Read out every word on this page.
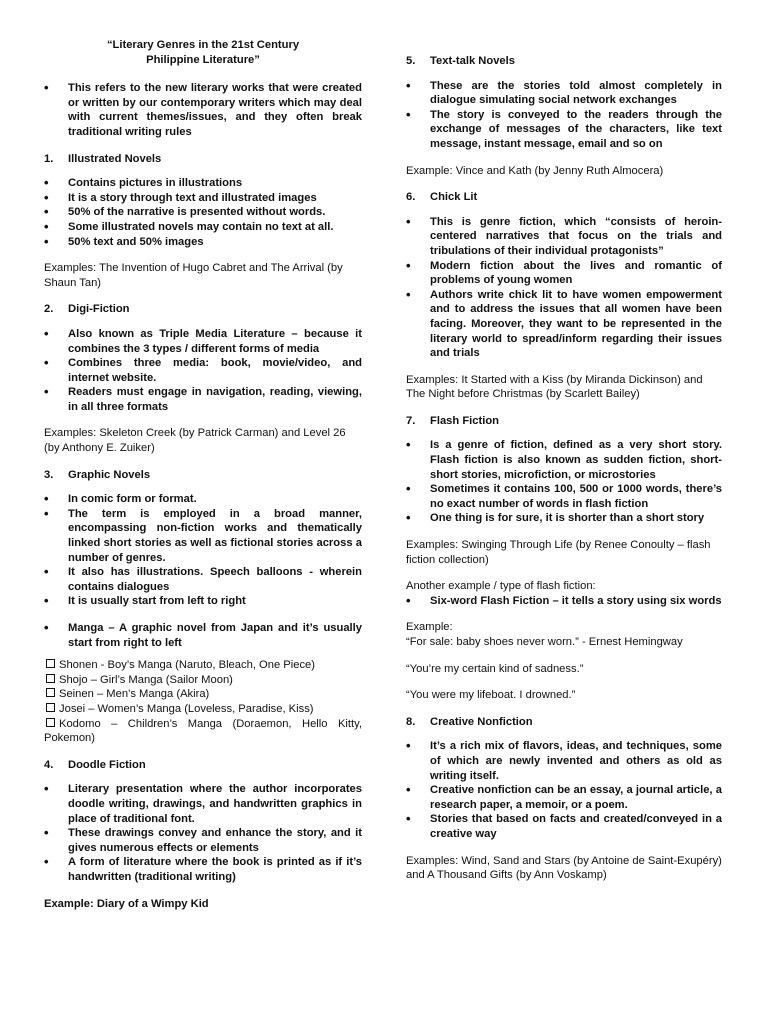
“Literary Genres in the 21st Century
Philippine Literature”
• This refers to the new literary works that were created or written by our contemporary writers which may deal with current themes/issues, and they often break traditional writing rules
1.	Illustrated Novels
• Contains pictures in illustrations
• It is a story through text and illustrated images
• 50% of the narrative is presented without words.
• Some illustrated novels may contain no text at all.
• 50% text and 50% images

Examples: The Invention of Hugo Cabret and The Arrival (by Shaun Tan)

2.	Digi-Fiction
• Also known as Triple Media Literature – because it combines the 3 types / different forms of media
• Combines three media: book, movie/video, and internet website.
• Readers must engage in navigation, reading, viewing, in all three formats

Examples: Skeleton Creek (by Patrick Carman) and Level 26 (by Anthony E. Zuiker)

3.	Graphic Novels
• In comic form or format.
• The term is employed in a broad manner, encompassing non-fiction works and thematically linked short stories as well as fictional stories across a number of genres.
• It also has illustrations. Speech balloons - wherein contains dialogues
• It is usually start from left to right
• Manga – A graphic novel from Japan and it’s usually start from right to left
Shonen - Boy’s Manga (Naruto, Bleach, One Piece)
Shojo – Girl’s Manga (Sailor Moon)
Seinen – Men’s Manga (Akira)
Josei – Women’s Manga (Loveless, Paradise, Kiss)
Kodomo – Children’s Manga (Doraemon, Hello Kitty, Pokemon)
4.	Doodle Fiction
• Literary presentation where the author incorporates doodle writing, drawings, and handwritten graphics in place of traditional font.
• These drawings convey and enhance the story, and it gives numerous effects or elements
• A form of literature where the book is printed as if it’s handwritten (traditional writing)

Example: Diary of a Wimpy Kid

5.	Text-talk Novels
• These are the stories told almost completely in dialogue simulating social network exchanges
• The story is conveyed to the readers through the exchange of messages of the characters, like text message, instant message, email and so on

Example: Vince and Kath (by Jenny Ruth Almocera)

6.	Chick Lit
• This is genre fiction, which “consists of heroin-centered narratives that focus on the trials and tribulations of their individual protagonists”
• Modern fiction about the lives and romantic of problems of young women
• Authors write chick lit to have women empowerment and to address the issues that all women have been facing. Moreover, they want to be represented in the literary world to spread/inform regarding their issues and trials

Examples: It Started with a Kiss (by Miranda Dickinson) and The Night before Christmas (by Scarlett Bailey)

7.	Flash Fiction
• Is a genre of fiction, defined as a very short story. Flash fiction is also known as sudden fiction, short-short stories, microfiction, or microstories
• Sometimes it contains 100, 500 or 1000 words, there’s no exact number of words in flash fiction
• One thing is for sure, it is shorter than a short story

Examples: Swinging Through Life (by Renee Conoulty – flash fiction collection)

Another example / type of flash fiction:

• Six-word Flash Fiction – it tells a story using six words

Example:

“For sale: baby shoes never worn.” - Ernest Hemingway

“You’re my certain kind of sadness.”

“You were my lifeboat. I drowned.”

8.	Creative Nonfiction
• It’s a rich mix of flavors, ideas, and techniques, some of which are newly invented and others as old as writing itself.
• Creative nonfiction can be an essay, a journal article, a research paper, a memoir, or a poem.
• Stories that based on facts and created/conveyed in a creative way

Examples: Wind, Sand and Stars (by Antoine de Saint-Exupéry) and A Thousand Gifts (by Ann Voskamp)
